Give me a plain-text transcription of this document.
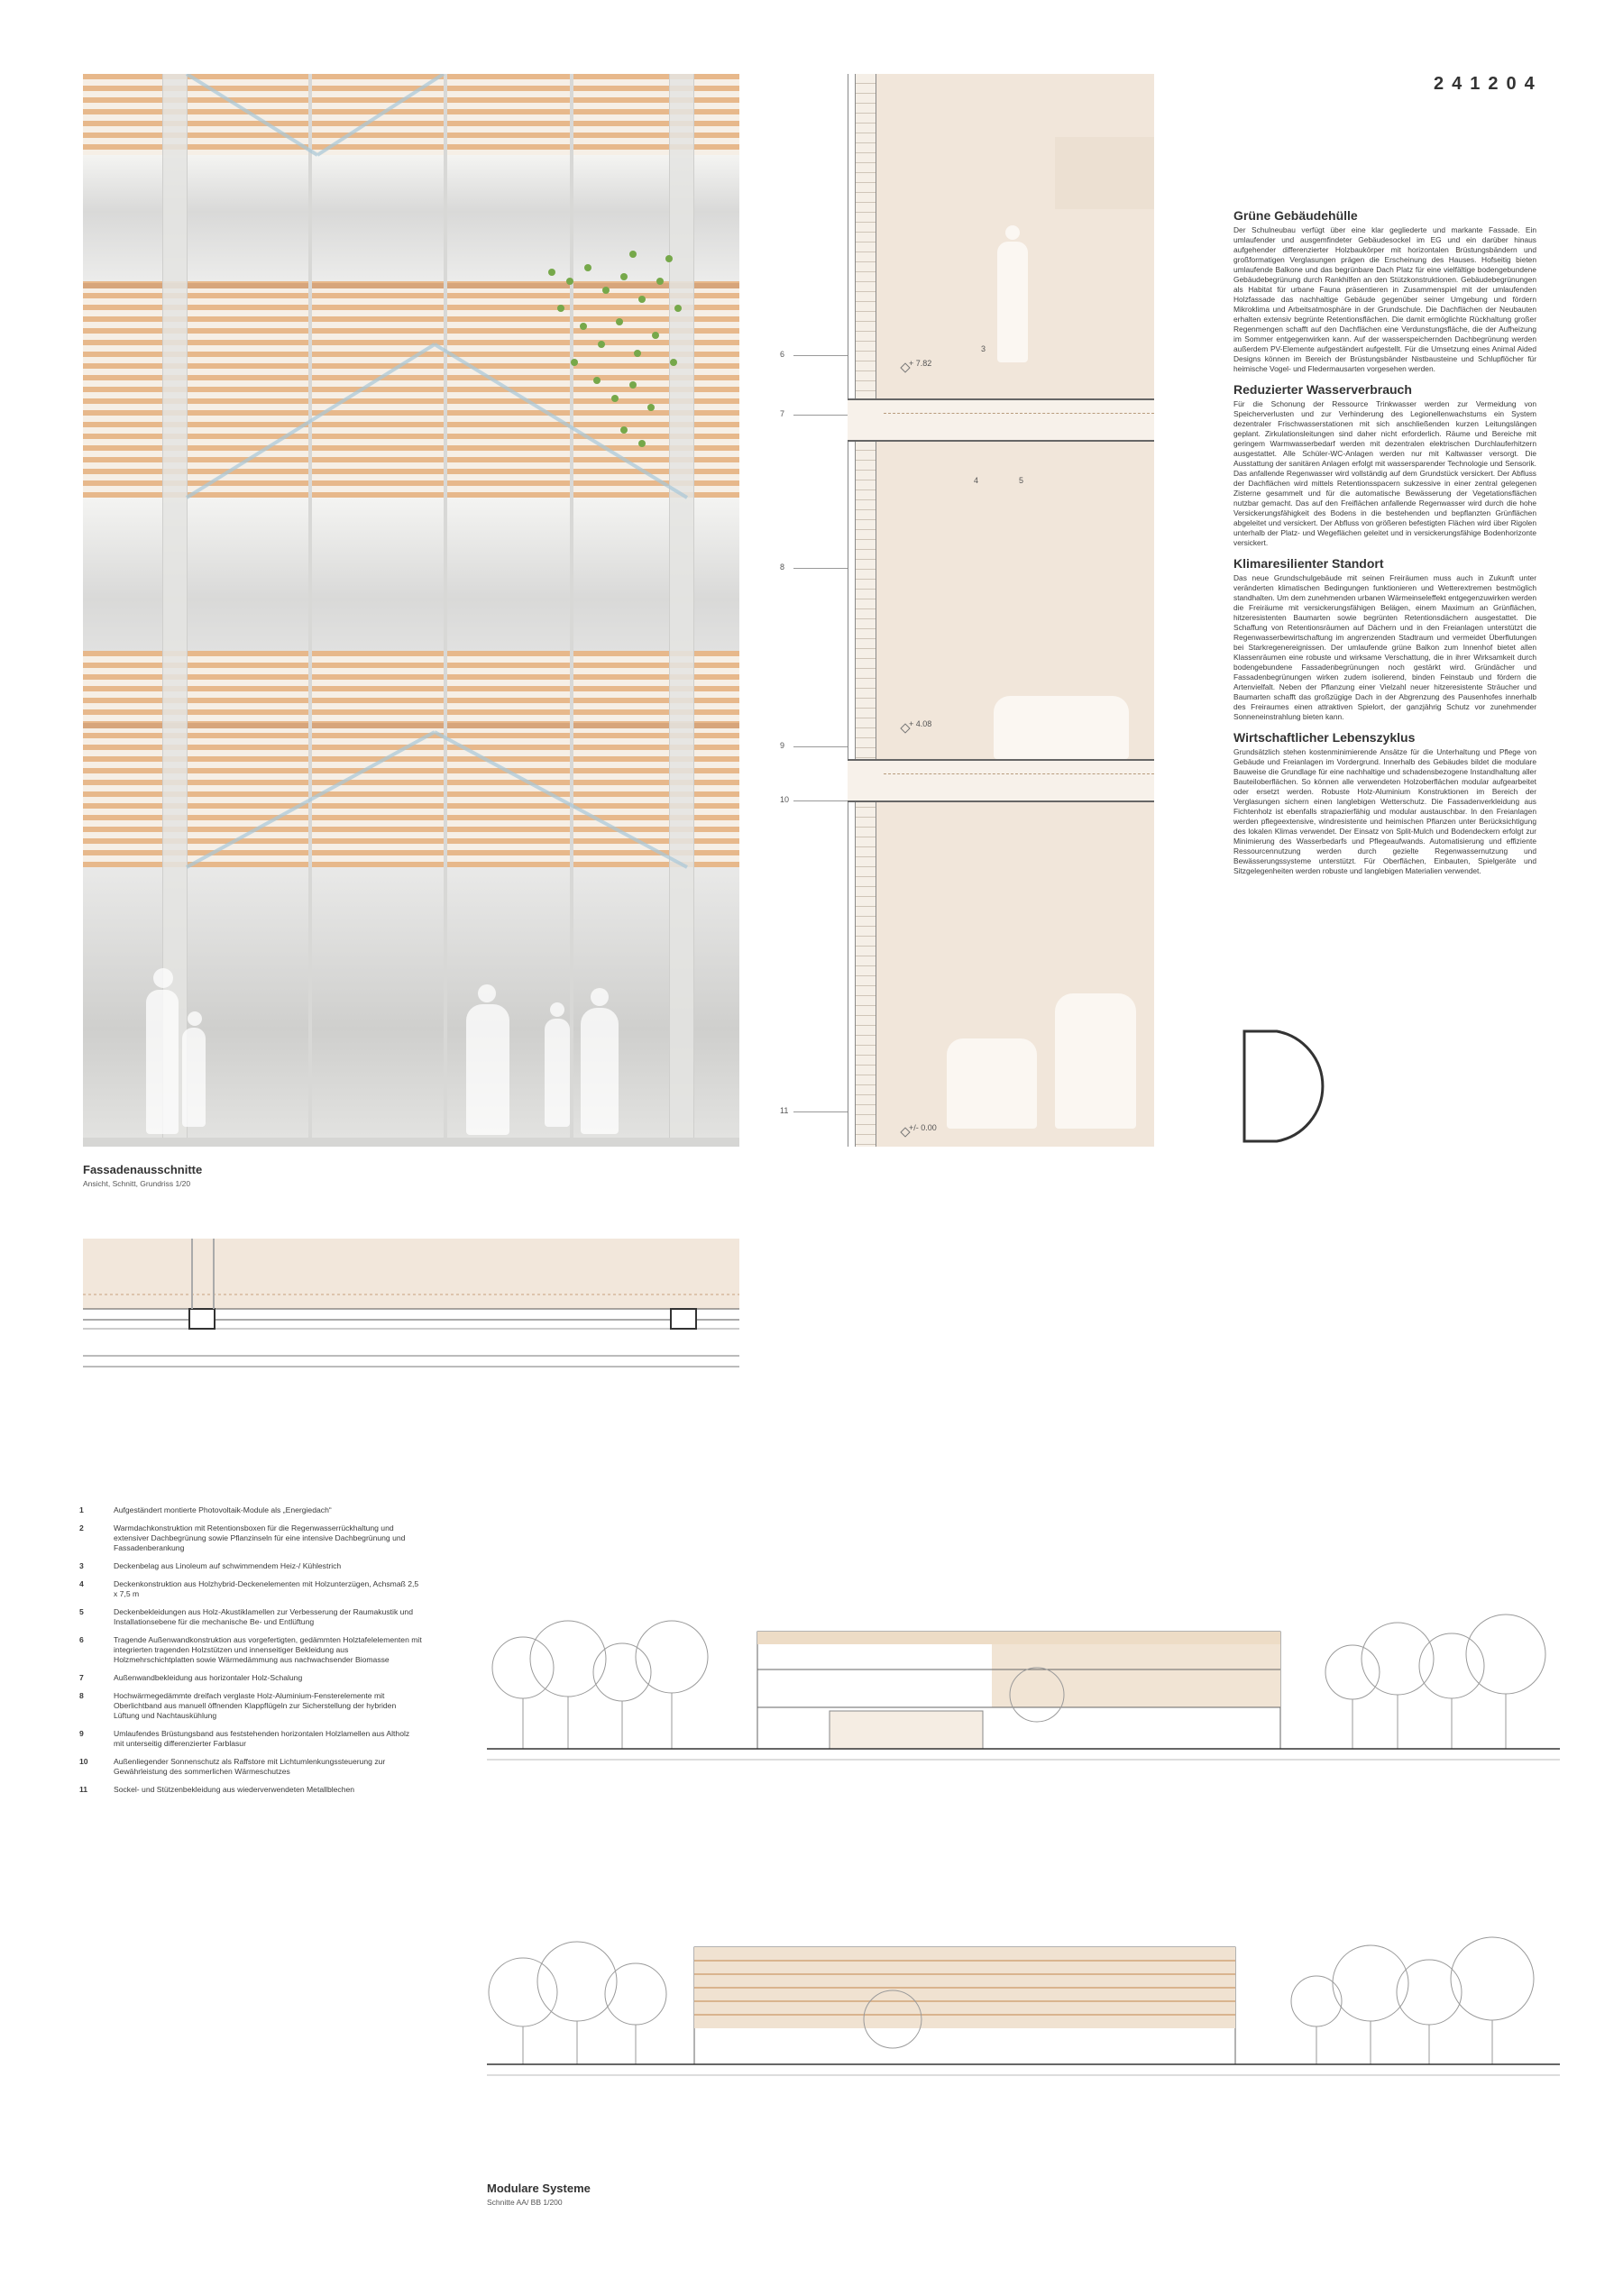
241204
6
7
8
9
10
11
3
4	5
+ 7.82
+ 4.08
+/- 0.00
Grüne Gebäudehülle

Der Schulneubau verfügt über eine klar gegliederte und markante Fassade. Ein umlaufender und ausgemfindeter Gebäudesockel im EG und ein darüber hinaus aufgehender differenzierter Holzbaukörper mit horizontalen Brüstungsbändern und großformatigen Verglasungen prägen die Erscheinung des Hauses. Hofseitig bieten umlaufende Balkone und das begrünbare Dach Platz für eine vielfältige bodengebundene Gebäudebegrünung durch Rankhilfen an den Stützkonstruktionen. Gebäudebegrünungen als Habitat für urbane Fauna präsentieren in Zusammenspiel mit der umlaufenden Holzfassade das nachhaltige Gebäude gegenüber seiner Umgebung und fördern Mikroklima und Arbeitsatmosphäre in der Grundschule. Die Dachflächen der Neubauten erhalten extensiv begrünte Retentionsflächen. Die damit ermöglichte Rückhaltung großer Regenmengen schafft auf den Dachflächen eine Verdunstungsfläche, die der Aufheizung im Sommer entgegenwirken kann. Auf der wasserspeichernden Dachbegrünung werden außerdem PV-Elemente aufgeständert aufgestellt. Für die Umsetzung eines Animal Aided Designs können im Bereich der Brüstungsbänder Nistbausteine und Schlupflöcher für heimische Vogel- und Fledermausarten vorgesehen werden.

Reduzierter Wasserverbrauch

Für die Schonung der Ressource Trinkwasser werden zur Vermeidung von Speicherverlusten und zur Verhinderung des Legionellenwachstums ein System dezentraler Frischwasserstationen mit sich anschließenden kurzen Leitungslängen geplant. Zirkulationsleitungen sind daher nicht erforderlich. Räume und Bereiche mit geringem Warmwasserbedarf werden mit dezentralen elektrischen Durchlauferhitzern ausgestattet. Alle Schüler-WC-Anlagen werden nur mit Kaltwasser versorgt. Die Ausstattung der sanitären Anlagen erfolgt mit wassersparender Technologie und Sensorik. Das anfallende Regenwasser wird vollständig auf dem Grundstück versickert. Der Abfluss der Dachflächen wird mittels Retentionsspacern sukzessive in einer zentral gelegenen Zisterne gesammelt und für die automatische Bewässerung der Vegetationsflächen nutzbar gemacht. Das auf den Freiflächen anfallende Regenwasser wird durch die hohe Versickerungsfähigkeit des Bodens in die bestehenden und bepflanzten Grünflächen abgeleitet und versickert. Der Abfluss von größeren befestigten Flächen wird über Rigolen unterhalb der Platz- und Wegeflächen geleitet und in versickerungsfähige Bodenhorizonte versickert.

Klimaresilienter Standort

Das neue Grundschulgebäude mit seinen Freiräumen muss auch in Zukunft unter veränderten klimatischen Bedingungen funktionieren und Wetterextremen bestmöglich standhalten. Um dem zunehmenden urbanen Wärmeinseleffekt entgegenzuwirken werden die Freiräume mit versickerungsfähigen Belägen, einem Maximum an Grünflächen, hitzeresistenten Baumarten sowie begrünten Retentionsdächern ausgestattet. Die Schaffung von Retentionsräumen auf Dächern und in den Freianlagen unterstützt die Regenwasserbewirtschaftung im angrenzenden Stadtraum und vermeidet Überflutungen bei Starkregenereignissen. Der umlaufende grüne Balkon zum Innenhof bietet allen Klassenräumen eine robuste und wirksame Verschattung, die in ihrer Wirksamkeit durch bodengebundene Fassadenbegrünungen noch gestärkt wird. Gründächer und Fassadenbegrünungen wirken zudem isolierend, binden Feinstaub und fördern die Artenvielfalt. Neben der Pflanzung einer Vielzahl neuer hitzeresistente Sträucher und Baumarten schafft das großzügige Dach in der Abgrenzung des Pausenhofes innerhalb des Freiraumes einen attraktiven Spielort, der ganzjährig Schutz vor zunehmender Sonneneinstrahlung bieten kann.

Wirtschaftlicher Lebenszyklus

Grundsätzlich stehen kostenminimierende Ansätze für die Unterhaltung und Pflege von Gebäude und Freianlagen im Vordergrund. Innerhalb des Gebäudes bildet die modulare Bauweise die Grundlage für eine nachhaltige und schadensbezogene Instandhaltung aller Bauteiloberflächen. So können alle verwendeten Holzoberflächen modular aufgearbeitet oder ersetzt werden. Robuste Holz-Aluminium Konstruktionen im Bereich der Verglasungen sichern einen langlebigen Wetterschutz. Die Fassadenverkleidung aus Fichtenholz ist ebenfalls strapazierfähig und modular austauschbar. In den Freianlagen werden pflegeextensive, windresistente und heimischen Pflanzen unter Berücksichtigung des lokalen Klimas verwendet. Der Einsatz von Split-Mulch und Bodendeckern erfolgt zur Minimierung des Wasserbedarfs und Pflegeaufwands. Automatisierung und effiziente Ressourcennutzung werden durch gezielte Regenwassernutzung und Bewässerungssysteme unterstützt. Für Oberflächen, Einbauten, Spielgeräte und Sitzgelegenheiten werden robuste und langlebigen Materialien verwendet.

Fassadenausschnitte
Ansicht, Schnitt, Grundriss 1/20
1	Aufgeständert montierte Photovoltaik-Module als „Energiedach“
2	Warmdachkonstruktion mit Retentionsboxen für die Regenwasserrückhaltung und extensiver Dachbegrünung sowie Pflanzinseln für eine intensive Dachbegrünung und Fassadenberankung
3	Deckenbelag aus Linoleum auf schwimmendem Heiz-/ Kühlestrich
4	Deckenkonstruktion aus Holzhybrid-Deckenelementen mit Holzunterzügen, Achsmaß 2,5 x 7,5 m
5	Deckenbekleidungen aus Holz-Akustiklamellen zur Verbesserung der Raumakustik und Installationsebene für die mechanische Be- und Entlüftung
6	Tragende Außenwandkonstruktion aus vorgefertigten, gedämmten Holztafelelementen mit integrierten tragenden Holzstützen und innenseitiger Bekleidung aus Holzmehrschichtplatten sowie Wärmedämmung aus nachwachsender Biomasse
7	Außenwandbekleidung aus horizontaler Holz-Schalung
8	Hochwärmegedämmte dreifach verglaste Holz-Aluminium-Fensterelemente mit Oberlichtband aus manuell öffnenden Klappflügeln zur Sicherstellung der hybriden Lüftung und Nachtauskühlung
9	Umlaufendes Brüstungsband aus feststehenden horizontalen Holzlamellen aus Altholz mit unterseitig differenzierter Farblasur
10	Außenliegender Sonnenschutz als Raffstore mit Lichtumlenkungssteuerung zur Gewährleistung des sommerlichen Wärmeschutzes
11	Sockel- und Stützenbekleidung aus wiederverwendeten Metallblechen
Modulare Systeme
Schnitte AA/ BB 1/200
